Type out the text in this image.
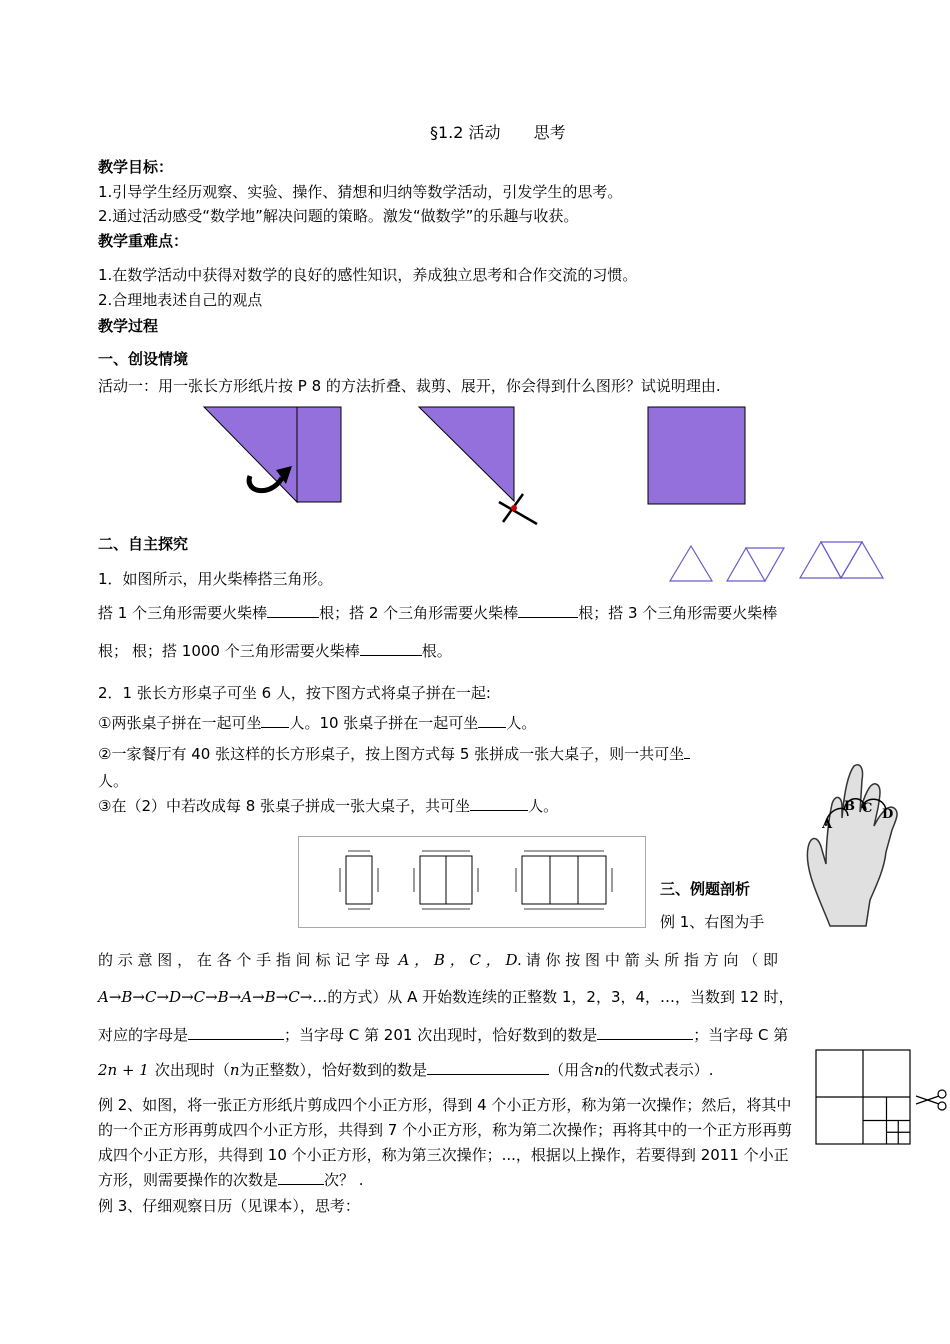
§1.2 活动 思考
教学目标：
1.引导学生经历观察、实验、操作、猜想和归纳等数学活动，引发学生的思考。
2.通过活动感受“数学地”解决问题的策略。激发“做数学”的乐趣与收获。
教学重难点：
1.在数学活动中获得对数学的良好的感性知识，养成独立思考和合作交流的习惯。
2.合理地表述自己的观点
教学过程
一、创设情境
活动一：用一张长方形纸片按 P 8 的方法折叠、裁剪、展开，你会得到什么图形？试说明理由.
二、自主探究
1．如图所示，用火柴棒搭三角形。
搭 1 个三角形需要火柴棒	根；搭 2 个三角形需要火柴棒	根；搭 3 个三角形需要火柴棒
根； 根；搭 1000 个三角形需要火柴棒	根。
2．1 张长方形桌子可坐 6 人，按下图方式将桌子拼在一起:
①两张桌子拼在一起可坐 人。10 张桌子拼在一起可坐 人。
②一家餐厅有 40 张这样的长方形桌子，按上图方式每 5 张拼成一张大桌子，则一共可坐
人。
③在（2）中若改成每 8 张桌子拼成一张大桌子，共可坐	人。
A
B C D
三、例题剖析
例 1、右图为手
的 示 意 图 ， 在 各 个 手 指 间 标 记 字 母 A ， B ， C ， D. 请 你 按 图 中 箭 头 所 指 方 向 （ 即
A→B→C→D→C→B→A→B→C→…的方式）从 A 开始数连续的正整数 1，2，3，4，…，当数到 12 时，
对应的字母是	；当字母 C 第 201 次出现时，恰好数到的数是	；当字母 C 第
2n + 1 次出现时（n为正整数），恰好数到的数是	（用含n的代数式表示）.
例 2、如图，将一张正方形纸片剪成四个小正方形，得到 4 个小正方形，称为第一次操作；然后，将其中的一个正方形再剪成四个小正方形，共得到 7 个小正方形，称为第二次操作；再将其中的一个正方形再剪成四个小正方形，共得到 10 个小正方形，称为第三次操作；...，根据以上操作，若要得到 2011 个小正方形，则需要操作的次数是	次？ .
例 3、仔细观察日历（见课本），思考：
